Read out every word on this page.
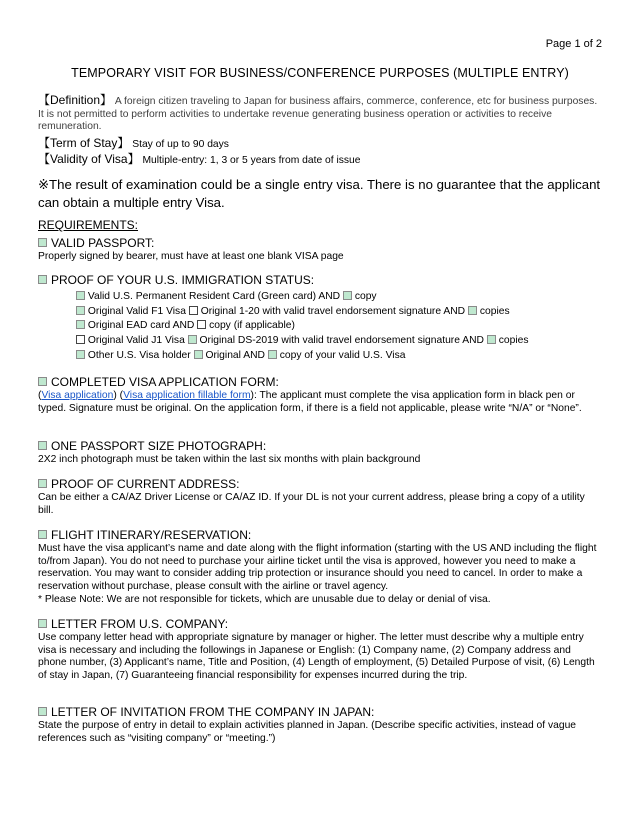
Page 1 of 2
TEMPORARY VISIT FOR BUSINESS/CONFERENCE PURPOSES (MULTIPLE ENTRY)
【Definition】 A foreign citizen traveling to Japan for business affairs, commerce, conference, etc for business purposes. It is not permitted to perform activities to undertake revenue generating business operation or activities to receive remuneration.
【Term of Stay】 Stay of up to 90 days
【Validity of Visa】 Multiple-entry: 1, 3 or 5 years from date of issue
※The result of examination could be a single entry visa. There is no guarantee that the applicant can obtain a multiple entry Visa.
REQUIREMENTS:
VALID PASSPORT:
Properly signed by bearer, must have at least one blank VISA page
PROOF OF YOUR U.S. IMMIGRATION STATUS:
Valid U.S. Permanent Resident Card (Green card) AND copy
Original Valid F1 Visa Original 1-20 with valid travel endorsement signature AND copies
Original EAD card AND copy (if applicable)
Original Valid J1 Visa Original DS-2019 with valid travel endorsement signature AND copies
Other U.S. Visa holder Original AND copy of your valid U.S. Visa
COMPLETED VISA APPLICATION FORM:
(Visa application) (Visa application fillable form): The applicant must complete the visa application form in black pen or typed. Signature must be original. On the application form, if there is a field not applicable, please write “N/A” or “None”.
ONE PASSPORT SIZE PHOTOGRAPH:
2X2 inch photograph must be taken within the last six months with plain background
PROOF OF CURRENT ADDRESS:
Can be either a CA/AZ Driver License or CA/AZ ID. If your DL is not your current address, please bring a copy of a utility bill.
FLIGHT ITINERARY/RESERVATION:
Must have the visa applicant’s name and date along with the flight information (starting with the US AND including the flight to/from Japan). You do not need to purchase your airline ticket until the visa is approved, however you need to make a reservation. You may want to consider adding trip protection or insurance should you need to cancel. In order to make a reservation without purchase, please consult with the airline or travel agency.
* Please Note: We are not responsible for tickets, which are unusable due to delay or denial of visa.
LETTER FROM U.S. COMPANY:
Use company letter head with appropriate signature by manager or higher. The letter must describe why a multiple entry visa is necessary and including the followings in Japanese or English: (1) Company name, (2) Company address and phone number, (3) Applicant’s name, Title and Position, (4) Length of employment, (5) Detailed Purpose of visit, (6) Length of stay in Japan, (7) Guaranteeing financial responsibility for expenses incurred during the trip.
LETTER OF INVITATION FROM THE COMPANY IN JAPAN:
State the purpose of entry in detail to explain activities planned in Japan. (Describe specific activities, instead of vague references such as “visiting company” or “meeting.”)
